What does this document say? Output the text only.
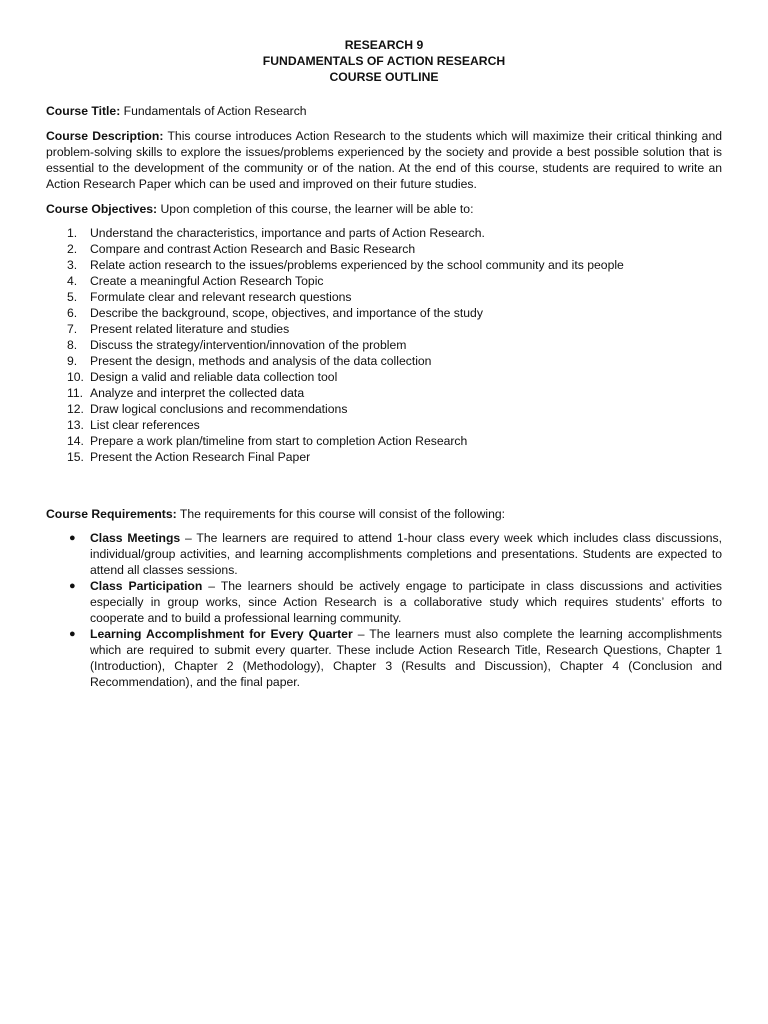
RESEARCH 9
FUNDAMENTALS OF ACTION RESEARCH
COURSE OUTLINE
Course Title: Fundamentals of Action Research
Course Description: This course introduces Action Research to the students which will maximize their critical thinking and problem-solving skills to explore the issues/problems experienced by the society and provide a best possible solution that is essential to the development of the community or of the nation. At the end of this course, students are required to write an Action Research Paper which can be used and improved on their future studies.
Course Objectives: Upon completion of this course, the learner will be able to:
1.	Understand the characteristics, importance and parts of Action Research.
2.	Compare and contrast Action Research and Basic Research
3.	Relate action research to the issues/problems experienced by the school community and its people
4.	Create a meaningful Action Research Topic
5.	Formulate clear and relevant research questions
6.	Describe the background, scope, objectives, and importance of the study
7.	Present related literature and studies
8.	Discuss the strategy/intervention/innovation of the problem
9.	Present the design, methods and analysis of the data collection
10. Design a valid and reliable data collection tool
11. Analyze and interpret the collected data
12. Draw logical conclusions and recommendations
13. List clear references
14. Prepare a work plan/timeline from start to completion Action Research
15. Present the Action Research Final Paper
Course Requirements: The requirements for this course will consist of the following:
●	Class Meetings – The learners are required to attend 1-hour class every week which includes class discussions, individual/group activities, and learning accomplishments completions and presentations. Students are expected to attend all classes sessions.
●	Class Participation – The learners should be actively engage to participate in class discussions and activities especially in group works, since Action Research is a collaborative study which requires students’ efforts to cooperate and to build a professional learning community.
●	Learning Accomplishment for Every Quarter – The learners must also complete the learning accomplishments which are required to submit every quarter. These include Action Research Title, Research Questions, Chapter 1 (Introduction), Chapter 2 (Methodology), Chapter 3 (Results and Discussion), Chapter 4 (Conclusion and Recommendation), and the final paper.
